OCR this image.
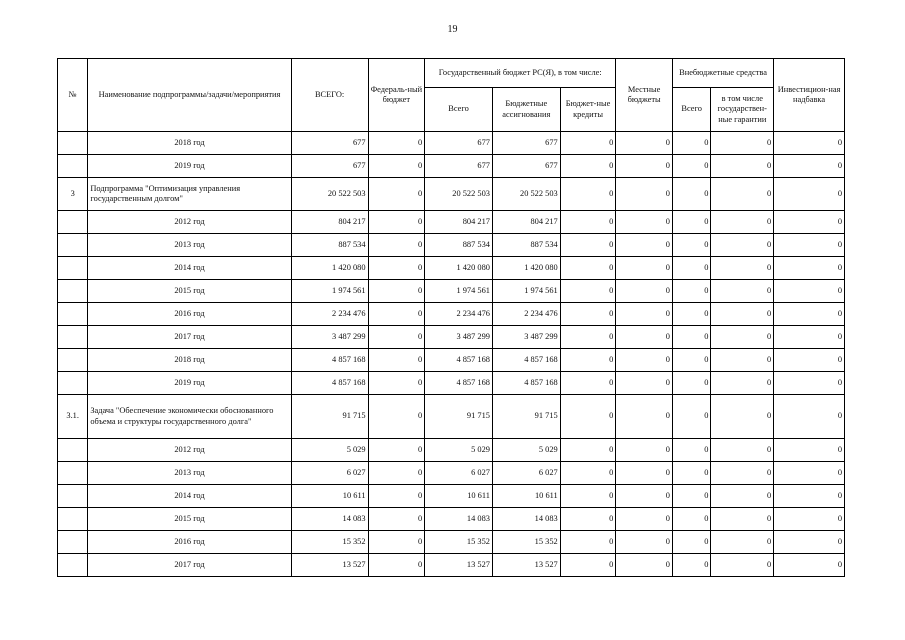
19
№	Наименование подпрограммы/задачи/мероприятия	ВСЕГО:	Федераль-ный бюджет	Государственный бюджет РС(Я), в том числе:			Местные бюджеты	Внебюджетные средства		Инвестицион-ная надбавка
				Всего	Бюджетные ассигнования	Бюджет-ные кредиты		Всего	в том числе государствен-ные гарантии	
	2018 год	677	0	677	677	0	0	0	0	0
	2019 год	677	0	677	677	0	0	0	0	0
3	Подпрограмма "Оптимизация управления государственным долгом"	20 522 503	0	20 522 503	20 522 503	0	0	0	0	0
	2012 год	804 217	0	804 217	804 217	0	0	0	0	0
	2013 год	887 534	0	887 534	887 534	0	0	0	0	0
	2014 год	1 420 080	0	1 420 080	1 420 080	0	0	0	0	0
	2015 год	1 974 561	0	1 974 561	1 974 561	0	0	0	0	0
	2016 год	2 234 476	0	2 234 476	2 234 476	0	0	0	0	0
	2017 год	3 487 299	0	3 487 299	3 487 299	0	0	0	0	0
	2018 год	4 857 168	0	4 857 168	4 857 168	0	0	0	0	0
	2019 год	4 857 168	0	4 857 168	4 857 168	0	0	0	0	0
3.1.	Задача "Обеспечение экономически обоснованного объема и структуры государственного долга"	91 715	0	91 715	91 715	0	0	0	0	0
	2012 год	5 029	0	5 029	5 029	0	0	0	0	0
	2013 год	6 027	0	6 027	6 027	0	0	0	0	0
	2014 год	10 611	0	10 611	10 611	0	0	0	0	0
	2015 год	14 083	0	14 083	14 083	0	0	0	0	0
	2016 год	15 352	0	15 352	15 352	0	0	0	0	0
	2017 год	13 527	0	13 527	13 527	0	0	0	0	0
